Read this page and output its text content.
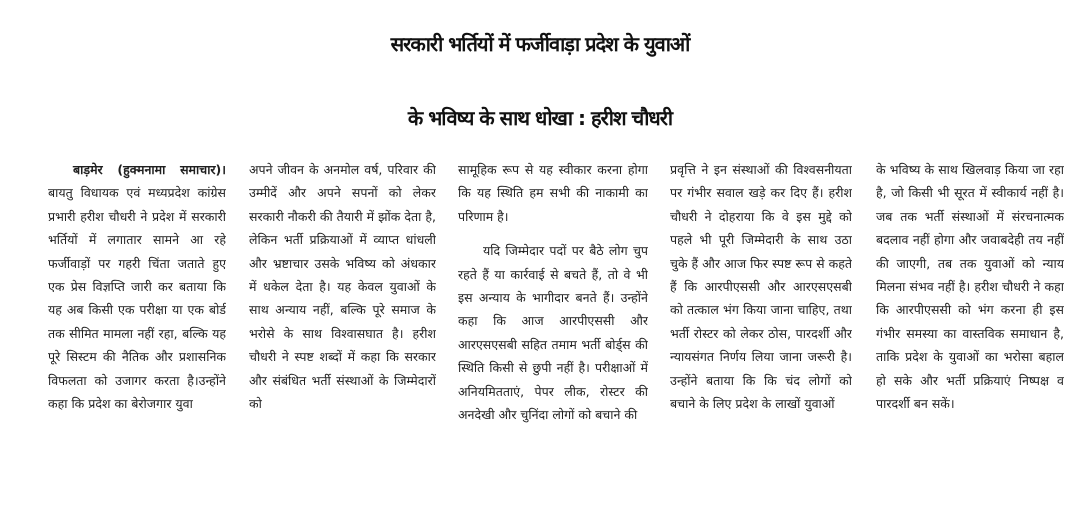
सरकारी भर्तियों में फर्जीवाड़ा प्रदेश के युवाओं
के भविष्य के साथ धोखा : हरीश चौधरी

बाड़मेर (हुक्मनामा समाचार)। बायतु विधायक एवं मध्यप्रदेश कांग्रेस प्रभारी हरीश चौधरी ने प्रदेश में सरकारी भर्तियों में लगातार सामने आ रहे फर्जीवाड़ों पर गहरी चिंता जताते हुए एक प्रेस विज्ञप्ति जारी कर बताया कि यह अब किसी एक परीक्षा या एक बोर्ड तक सीमित मामला नहीं रहा, बल्कि यह पूरे सिस्टम की नैतिक और प्रशासनिक विफलता को उजागर करता है।उन्होंने कहा कि प्रदेश का बेरोजगार युवा

अपने जीवन के अनमोल वर्ष, परिवार की उम्मीदें और अपने सपनों को लेकर सरकारी नौकरी की तैयारी में झोंक देता है, लेकिन भर्ती प्रक्रियाओं में व्याप्त धांधली और भ्रष्टाचार उसके भविष्य को अंधकार में धकेल देता है। यह केवल युवाओं के साथ अन्याय नहीं, बल्कि पूरे समाज के भरोसे के साथ विश्वासघात है। हरीश चौधरी ने स्पष्ट शब्दों में कहा कि सरकार और संबंधित भर्ती संस्थाओं के जिम्मेदारों को

सामूहिक रूप से यह स्वीकार करना होगा कि यह स्थिति हम सभी की नाकामी का परिणाम है।

यदि जिम्मेदार पदों पर बैठे लोग चुप रहते हैं या कार्रवाई से बचते हैं, तो वे भी इस अन्याय के भागीदार बनते हैं। उन्होंने कहा कि आज आरपीएससी और आरएसएसबी सहित तमाम भर्ती बोर्ड्स की स्थिति किसी से छुपी नहीं है। परीक्षाओं में अनियमितताएं, पेपर लीक, रोस्टर की अनदेखी और चुनिंदा लोगों को बचाने की

प्रवृत्ति ने इन संस्थाओं की विश्वसनीयता पर गंभीर सवाल खड़े कर दिए हैं। हरीश चौधरी ने दोहराया कि वे इस मुद्दे को पहले भी पूरी जिम्मेदारी के साथ उठा चुके हैं और आज फिर स्पष्ट रूप से कहते हैं कि आरपीएससी और आरएसएसबी को तत्काल भंग किया जाना चाहिए, तथा भर्ती रोस्टर को लेकर ठोस, पारदर्शी और न्यायसंगत निर्णय लिया जाना जरूरी है। उन्होंने बताया कि कि चंद लोगों को बचाने के लिए प्रदेश के लाखों युवाओं

के भविष्य के साथ खिलवाड़ किया जा रहा है, जो किसी भी सूरत में स्वीकार्य नहीं है। जब तक भर्ती संस्थाओं में संरचनात्मक बदलाव नहीं होगा और जवाबदेही तय नहीं की जाएगी, तब तक युवाओं को न्याय मिलना संभव नहीं है। हरीश चौधरी ने कहा कि आरपीएससी को भंग करना ही इस गंभीर समस्या का वास्तविक समाधान है, ताकि प्रदेश के युवाओं का भरोसा बहाल हो सके और भर्ती प्रक्रियाएं निष्पक्ष व पारदर्शी बन सकें।
